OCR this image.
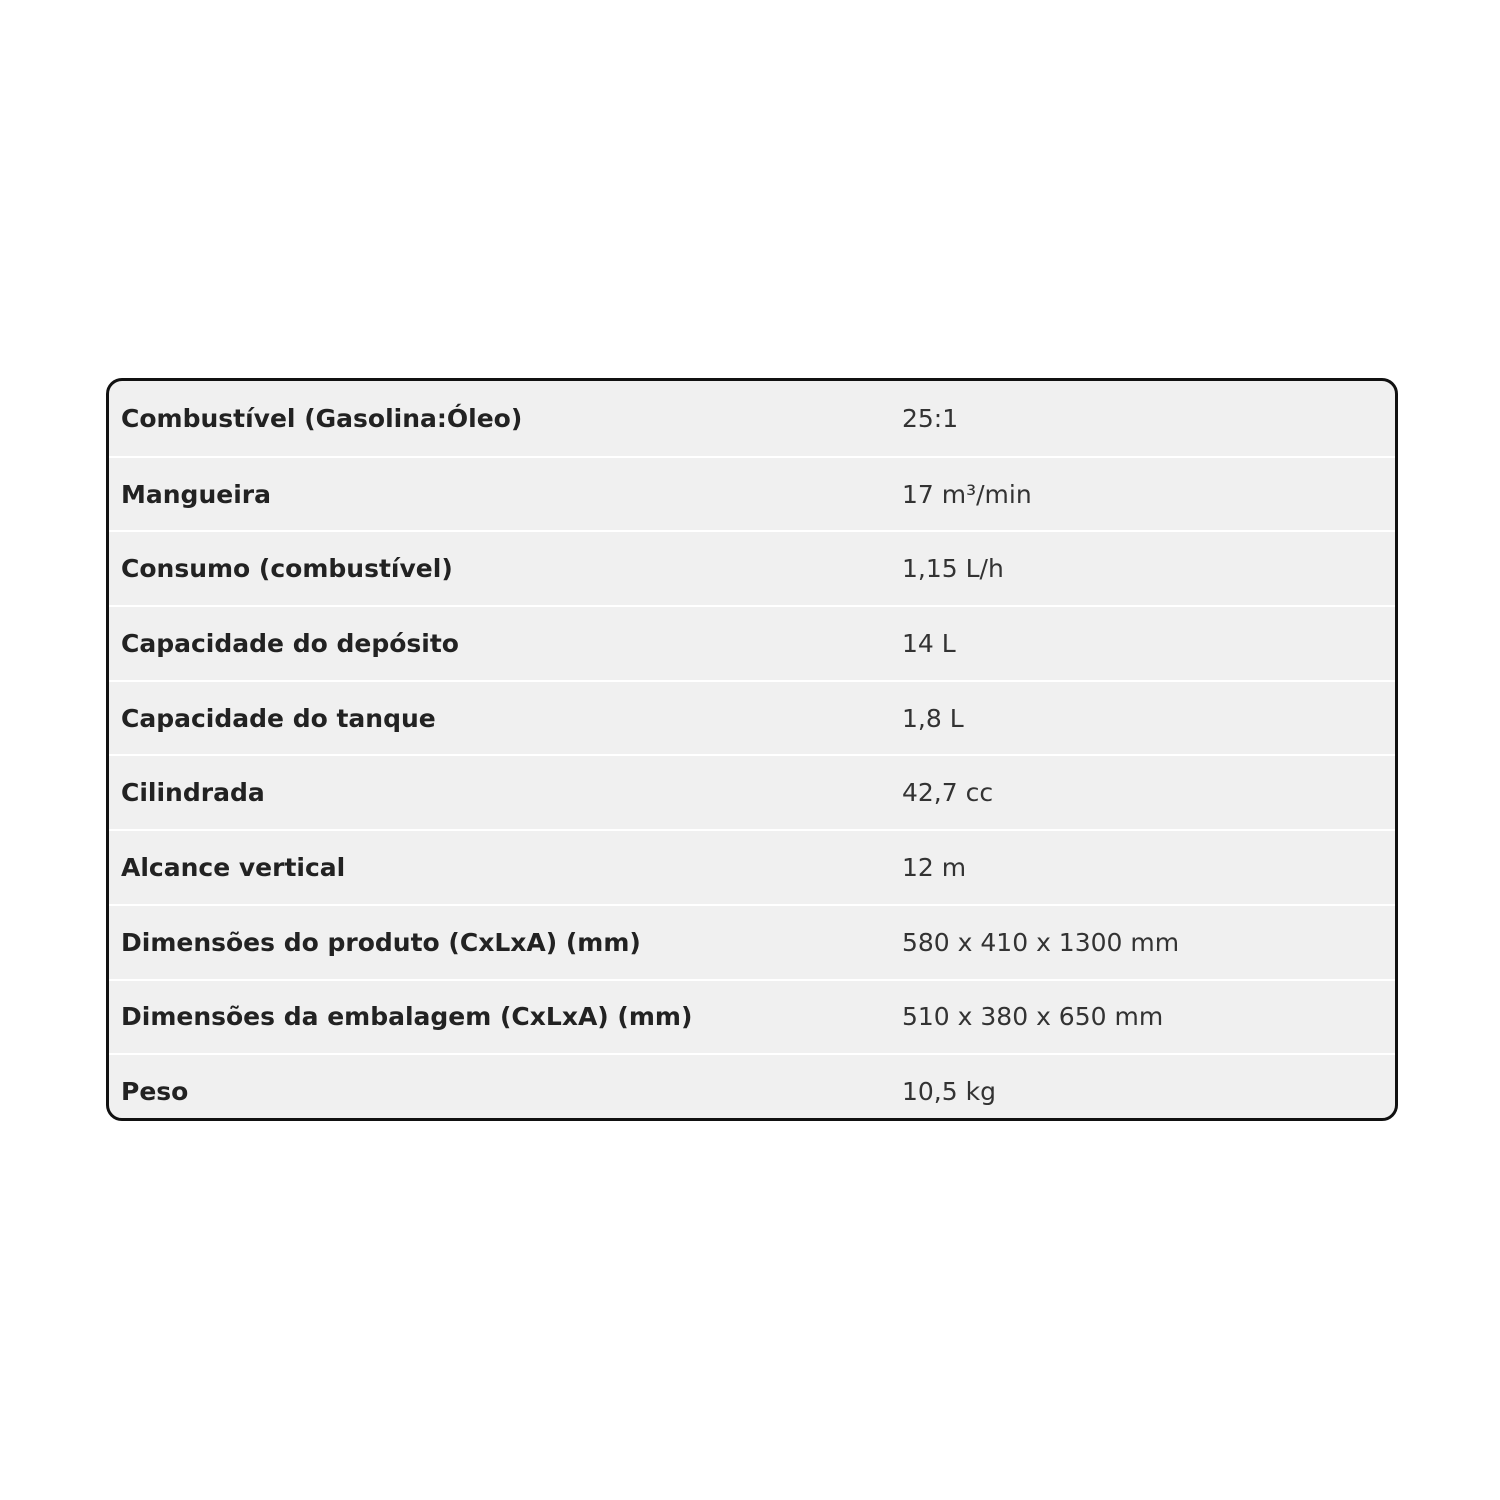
Combustível (Gasolina:Óleo)	25:1
Mangueira	17 m³/min
Consumo (combustível)	1,15 L/h
Capacidade do depósito	14 L
Capacidade do tanque	1,8 L
Cilindrada	42,7 cc
Alcance vertical	12 m
Dimensões do produto (CxLxA) (mm)	580 x 410 x 1300 mm
Dimensões da embalagem (CxLxA) (mm)	510 x 380 x 650 mm
Peso	10,5 kg
